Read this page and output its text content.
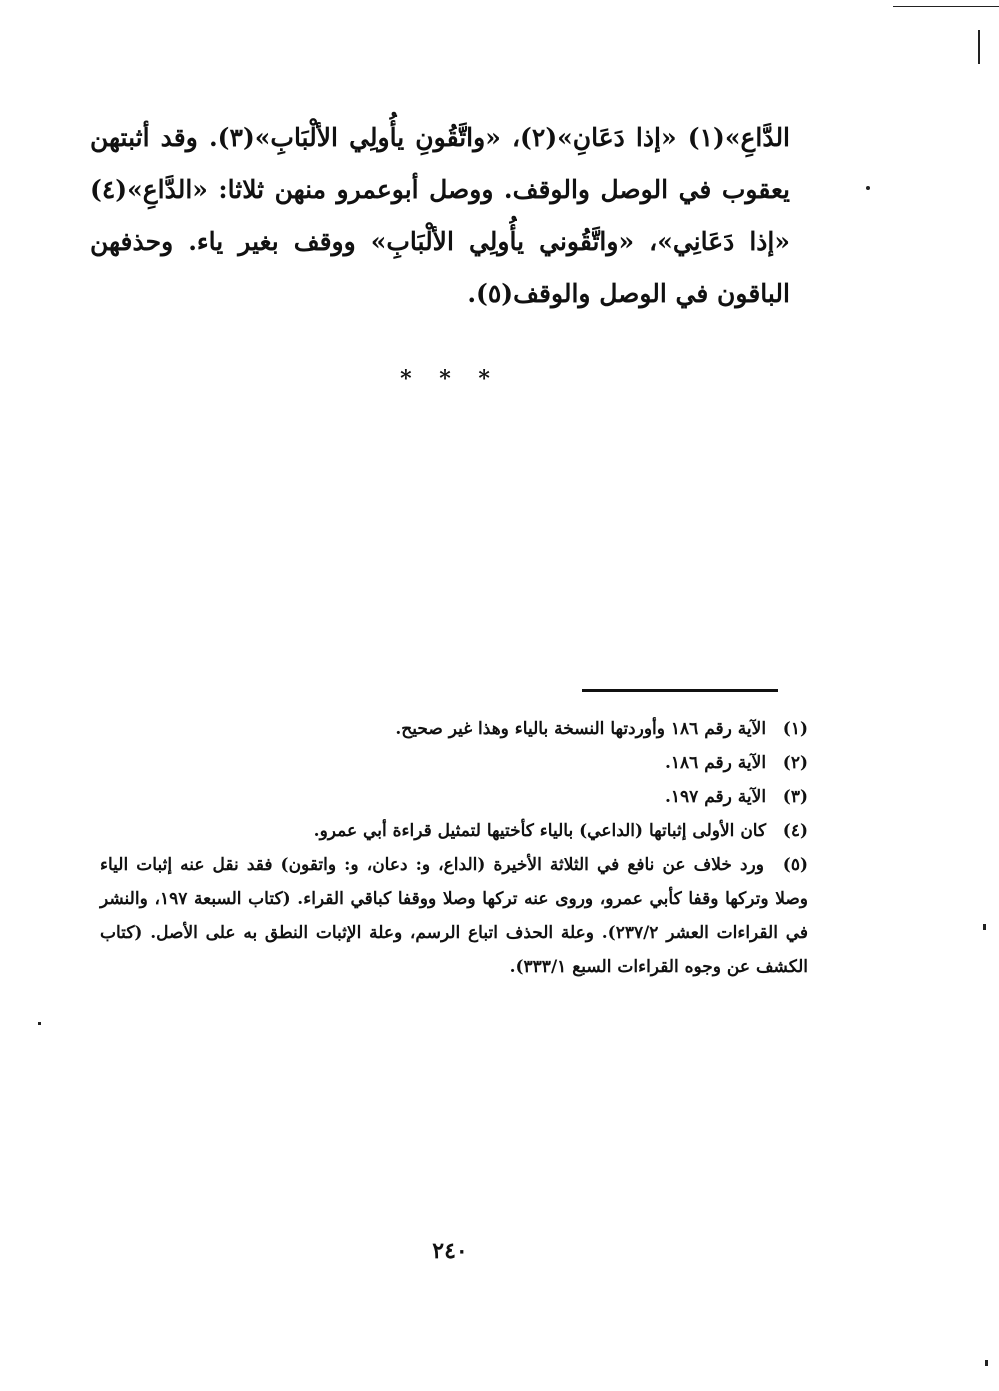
الدَّاعِ»(١) «إذا دَعَانِ»(٢)، «واتَّقُونِ يأُولِي الألْبَابِ»(٣). وقد أثبتهن يعقوب في الوصل والوقف. ووصل أبوعمرو منهن ثلاثا: «الدَّاعِ»(٤) «إذا دَعَانِي»، «واتَّقُوني يأُولِي الألْبَابِ» ووقف بغير ياء. وحذفهن الباقون في الوصل والوقف(٥).

* * *

(١) الآية رقم ١٨٦ وأوردتها النسخة بالياء وهذا غير صحيح.

(٢) الآية رقم ١٨٦.

(٣) الآية رقم ١٩٧.

(٤) كان الأولى إثباتها (الداعي) بالياء كأختيها لتمثيل قراءة أبي عمرو.

(٥) ورد خلاف عن نافع في الثلاثة الأخيرة (الداع، و: دعان، و: واتقون) فقد نقل عنه إثبات الياء وصلا وتركها وقفا كأبي عمرو، وروى عنه تركها وصلا ووقفا كباقي القراء. (كتاب السبعة ١٩٧، والنشر في القراءات العشر ٢٣٧/٢). وعلة الحذف اتباع الرسم، وعلة الإثبات النطق به على الأصل. (كتاب الكشف عن وجوه القراءات السبع ٣٣٣/١).

٢٤٠
